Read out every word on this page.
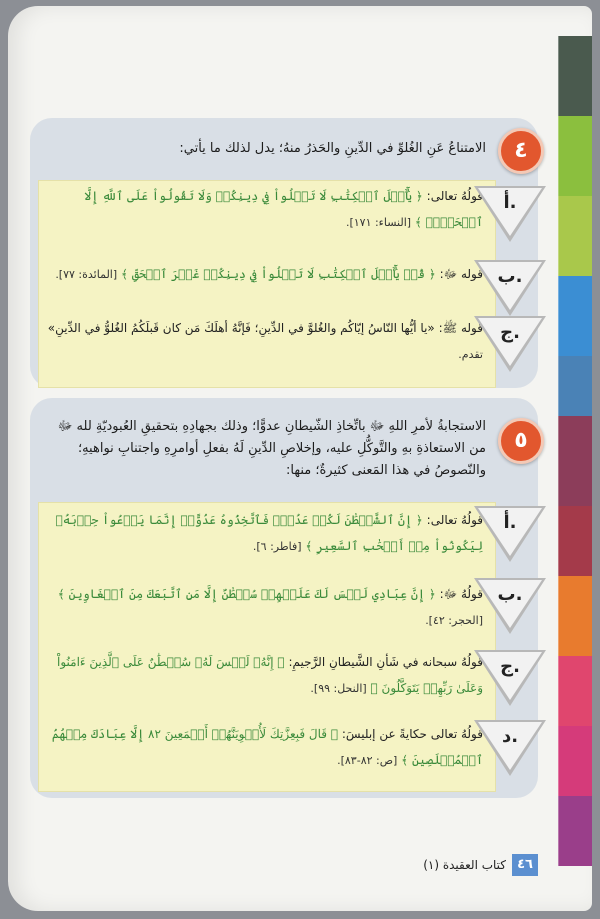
٤
الامتناعُ عَنِ الغُلوِّ في الدِّينِ والحَذرُ منهُ؛ يدل لذلك ما يأتي:
قولُهُ تعالى: ﴿ يَٰٓأَهۡلَ ٱلۡكِتَٰبِ لَا تَغۡلُواْ فِي دِينِكُمۡ وَلَا تَقُولُواْ عَلَى ٱللَّهِ إِلَّا ٱلۡحَقَّۚ ﴾ [النساء: ١٧١].
قوله ﷻ: ﴿ قُلۡ يَٰٓأَهۡلَ ٱلۡكِتَٰبِ لَا تَغۡلُواْ فِي دِينِكُمۡ غَيۡرَ ٱلۡحَقِّ ﴾ [المائدة: ٧٧].
قوله ﷺ: «يا أيُّها النّاسُ إيّاكُم والغُلوَّ في الدِّينِ؛ فَإنَّهُ أهلَكَ مَن كان قَبلَكُمُ الغُلوُّ في الدِّينِ» تقدم.
أ.
ب.
ج.
٥
الاستجابةُ لأمرِ اللهِ ﷻ باتِّخاذِ الشّيطانِ عدوًّا؛ وذلك بجهادِهِ بتحقيقِ العُبوديّةِ لله ﷻ من الاستعاذةِ بهِ والتَّوكُّلِ عليه، وإخلاصِ الدِّينِ لَهُ بفعلِ أوامرِهِ واجتنابِ نواهيهِ؛ والنّصوصُ في هذا المَعنى كثيرةٌ؛ منها:
قولُهُ تعالى: ﴿ إِنَّ ٱلشَّيۡطَٰنَ لَكُمۡ عَدُوّٞ فَٱتَّخِذُوهُ عَدُوًّاۚ إِنَّمَا يَدۡعُواْ حِزۡبَهُۥ لِيَكُونُواْ مِنۡ أَصۡحَٰبِ ٱلسَّعِيرِ ﴾ [فاطر: ٦].
قولُهُ ﷻ: ﴿ إِنَّ عِبَادِي لَيۡسَ لَكَ عَلَيۡهِمۡ سُلۡطَٰنٌ إِلَّا مَنِ ٱتَّبَعَكَ مِنَ ٱلۡغَاوِينَ ﴾ [الحجر: ٤٢].
قولُهُ سبحانه في شَأنِ الشَّيطانِ الرَّجيمِ: ﴿ إِنَّهُۥ لَيۡسَ لَهُۥ سُلۡطَٰنٌ عَلَى ٱلَّذِينَ ءَامَنُواْ وَعَلَىٰ رَبِّهِمۡ يَتَوَكَّلُونَ ﴾ [النحل: ٩٩].
قولُهُ تعالى حكايةً عن إبليسَ: ﴿ قَالَ فَبِعِزَّتِكَ لَأُغۡوِيَنَّهُمۡ أَجۡمَعِينَ ٨٢ إِلَّا عِبَادَكَ مِنۡهُمُ ٱلۡمُخۡلَصِينَ ﴾ [ص: ٨٢-٨٣].
أ.
ب.
ج.
د.
٤٦
كتاب العقيدة (١)
